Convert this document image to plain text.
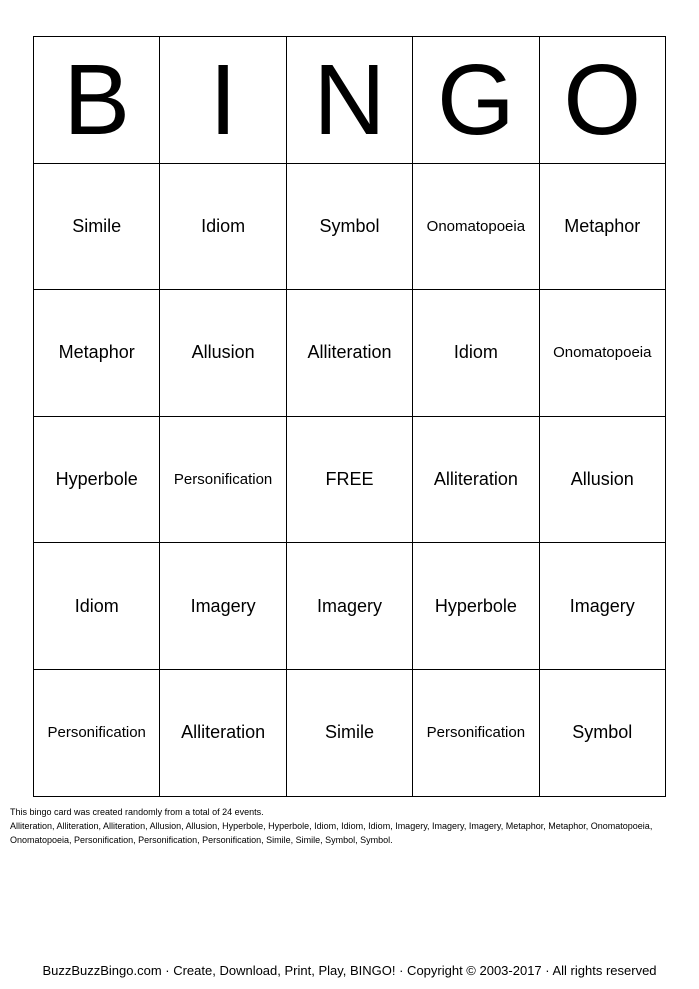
B	I	N	G	O
Simile	Idiom	Symbol	Onomatopoeia	Metaphor
Metaphor	Allusion	Alliteration	Idiom	Onomatopoeia
Hyperbole	Personification	FREE	Alliteration	Allusion
Idiom	Imagery	Imagery	Hyperbole	Imagery
Personification	Alliteration	Simile	Personification	Symbol

This bingo card was created randomly from a total of 24 events.

Alliteration, Alliteration, Alliteration, Allusion, Allusion, Hyperbole, Hyperbole, Idiom, Idiom, Idiom, Imagery, Imagery, Imagery, Metaphor, Metaphor, Onomatopoeia,

Onomatopoeia, Personification, Personification, Personification, Simile, Simile, Symbol, Symbol.

BuzzBuzzBingo.com · Create, Download, Print, Play, BINGO! · Copyright © 2003-2017 · All rights reserved
